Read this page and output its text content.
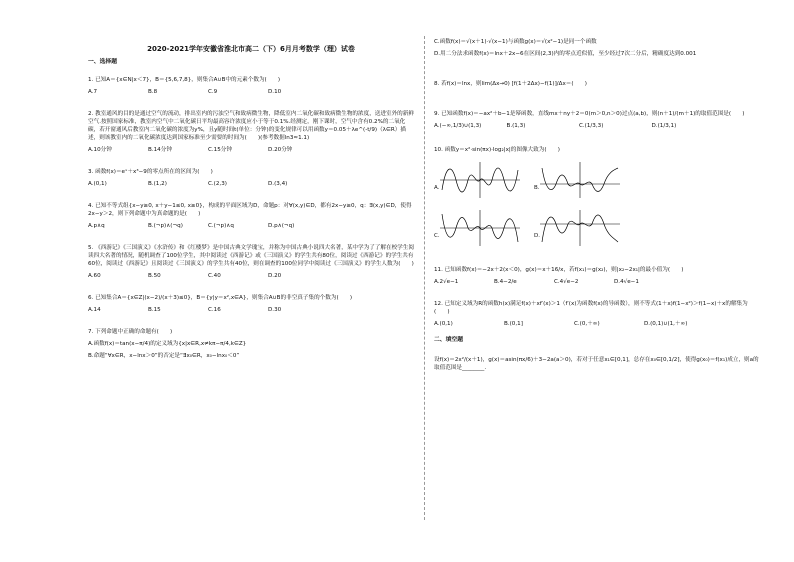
2020-2021学年安徽省淮北市高二（下）6月月考数学（理）试卷
一、选择题

1. 已知A＝{x∈N|x＜7}，B＝{5,6,7,8}，则集合A∪B中的元素个数为(　　)

A.7	B.8	C.9	D.10

2. 教室通风的目的是通过空气的流动，排出室内的污浊空气和致病微生物，降低室内二氧化碳和致病微生物的浓度，送进室外的新鲜空气.按照国家标准，教室内空气中二氧化碳日平均最高容许浓度应小于等于0.1%.经测定，刚下课时，空气中含有0.2%的二氧化碳，若开窗通风后教室内二氧化碳的浓度为y%，且y随时间t(单位：分钟)的变化规律可以用函数y＝0.05＋λe^(-t/9)（λ∈R）描述，则该教室内的二氧化碳浓度达到国家标准至少需要的时间为(　　)(参考数据ln3≈1.1)

A.10分钟	B.14分钟	C.15分钟	D.20分钟

3. 函数f(x)＝eˣ＋x³−9的零点所在的区间为(　　)

A.(0,1)	B.(1,2)	C.(2,3)	D.(3,4)

4. 已知不等式组{x−y≥0, x＋y−1≤0, x≥0}，构成的平面区域为D，命题p：对∀(x,y)∈D，都有2x−y≥0，q：∃(x,y)∈D，使得2x−y＞2，则下列命题中为真命题的是(　　)

A.p∧q	B.(¬p)∧(¬q)	C.(¬p)∧q	D.p∧(¬q)

5. 《西游记》《三国演义》《水浒传》和《红楼梦》是中国古典文学瑰宝，并称为中国古典小说四大名著，某中学为了了解在校学生阅读四大名著的情况，随机调查了100位学生，其中阅读过《西游记》或《三国演义》的学生共有80位，阅读过《西游记》的学生共有60位，阅读过《西游记》且阅读过《三国演义》的学生共有40位，则在调查的100位同学中阅读过《三国演义》的学生人数为(　　)

A.60	B.50	C.40	D.20

6. 已知集合A＝{x∈Z|(x−2)/(x＋3)≤0}，B＝{y|y＝x²,x∈A}，则集合A∪B的非空真子集的个数为(　　)

A.14	B.15	C.16	D.30

7. 下列命题中正确的命题有(　　)

A.函数f(x)＝tan(x−π/4)的定义域为{x|x∈R,x≠kπ−π/4,k∈Z}

B.命题“∀x∈R，x−lnx＞0”的否定是“∃x₀∈R，x₀−lnx₀＜0”

C.函数f(x)＝√(x＋1)·√(x−1)与函数g(x)＝√(x²−1)是同一个函数

D.用二分法求函数f(x)＝lnx＋2x−6在区间(2,3)内的零点近似值，至少经过7次二分后，精确度达到0.001

8. 若f(x)＝lnx，则lim(Δx→0) [f(1＋2Δx)−f(1)]/Δx＝(　　)

9. 已知函数f(x)＝−ax²＋b−1是幂函数，直线mx＋ny＋2＝0(m＞0,n＞0)过点(a,b)，则(n＋1)/(m＋1)的取值范围是(　　)

A.(−∞,1/3)∪(1,3)	B.(1,3)	C.(1/3,3)	D.(1/3,1)

10. 函数y＝x²·sin(πx)·log₂|x|的图像大致为(　　)

A.	B.
C.	D.

11. 已知函数f(x)＝−2x＋2(x＜0)，g(x)＝x＋16/x，若f(x₁)＝g(x₂)，则|x₂−2x₁|的最小值为(　　)

A.2√e−1	B.4−2/e	C.4√e−2	D.4√e−1

12. 已知定义域为R的函数h(x)满足f(x)＋xf′(x)＞1（f′(x)为函数f(x)的导函数），则不等式(1＋x)f(1−x²)＞f(1−x)＋x的解集为(　　)

A.(0,1)	B.(0,1]	C.(0,＋∞)	D.(0,1)∪(1,＋∞)
二、填空题

设f(x)＝2x²/(x＋1)，g(x)＝asin(πx/6)＋3−2a(a＞0)，若对于任意x₁∈[0,1]，总存在x₀∈[0,1/2]，使得g(x₀)＝f(x₁)成立，则a的取值范围是________.
